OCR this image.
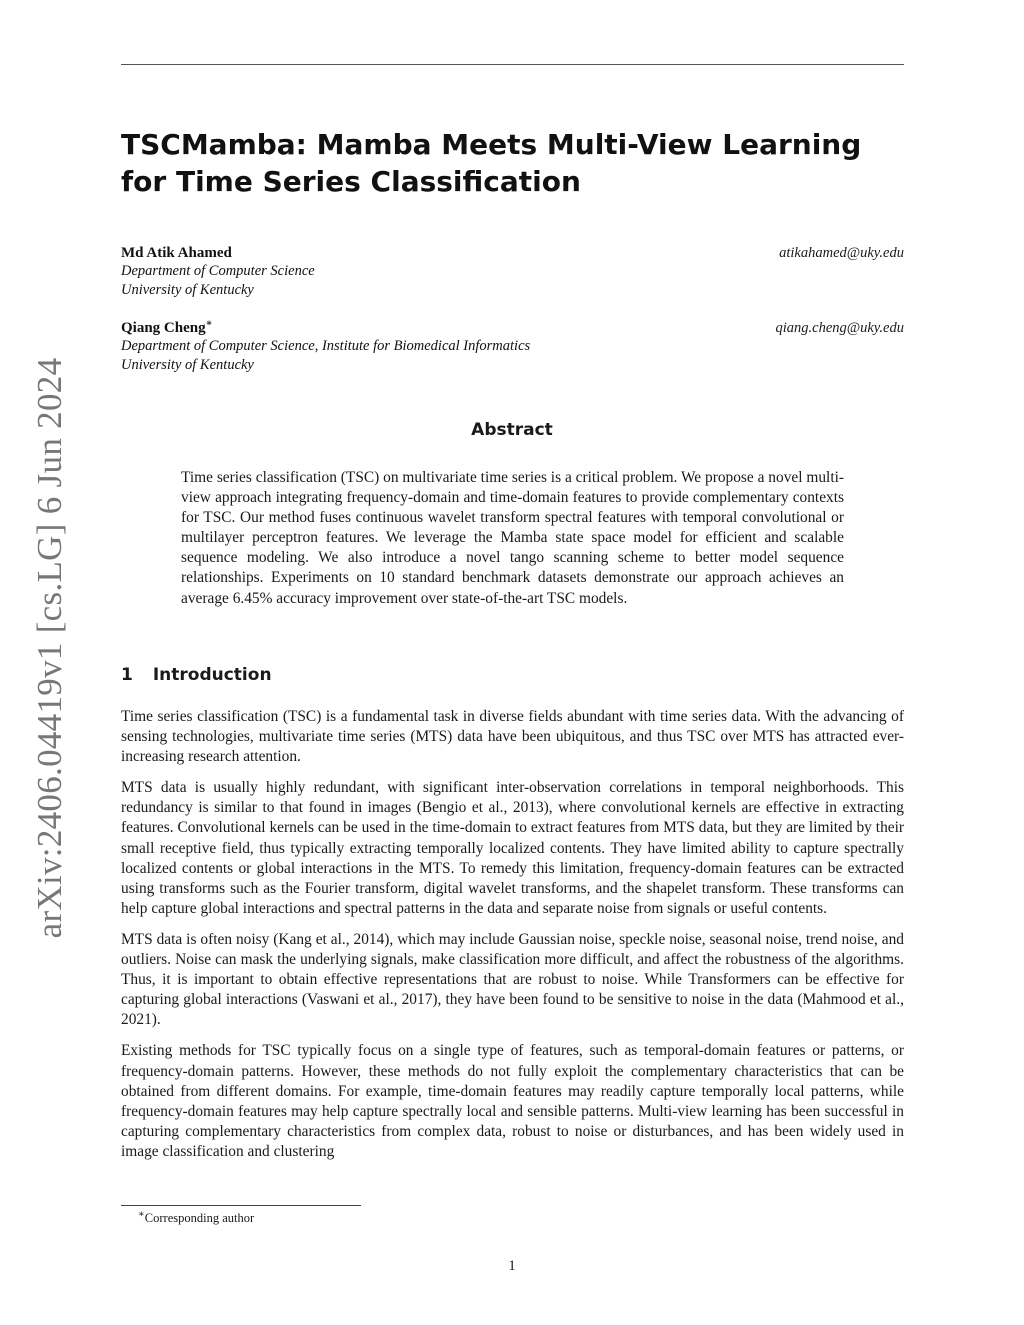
arXiv:2406.04419v1 [cs.LG] 6 Jun 2024
TSCMamba: Mamba Meets Multi-View Learning for Time Series Classification
Md Atik Ahamed
Department of Computer Science
University of Kentucky
atikahamed@uky.edu
Qiang Cheng∗
Department of Computer Science, Institute for Biomedical Informatics
University of Kentucky
qiang.cheng@uky.edu
Abstract

Time series classification (TSC) on multivariate time series is a critical problem. We propose a novel multi-view approach integrating frequency-domain and time-domain features to provide complementary contexts for TSC. Our method fuses continuous wavelet transform spectral features with temporal convolutional or multilayer perceptron features. We leverage the Mamba state space model for efficient and scalable sequence modeling. We also introduce a novel tango scanning scheme to better model sequence relationships. Experiments on 10 standard benchmark datasets demonstrate our approach achieves an average 6.45% accuracy improvement over state-of-the-art TSC models.

1 Introduction

Time series classification (TSC) is a fundamental task in diverse fields abundant with time series data. With the advancing of sensing technologies, multivariate time series (MTS) data have been ubiquitous, and thus TSC over MTS has attracted ever-increasing research attention.

MTS data is usually highly redundant, with significant inter-observation correlations in temporal neighborhoods. This redundancy is similar to that found in images (Bengio et al., 2013), where convolutional kernels are effective in extracting features. Convolutional kernels can be used in the time-domain to extract features from MTS data, but they are limited by their small receptive field, thus typically extracting temporally localized contents. They have limited ability to capture spectrally localized contents or global interactions in the MTS. To remedy this limitation, frequency-domain features can be extracted using transforms such as the Fourier transform, digital wavelet transforms, and the shapelet transform. These transforms can help capture global interactions and spectral patterns in the data and separate noise from signals or useful contents.

MTS data is often noisy (Kang et al., 2014), which may include Gaussian noise, speckle noise, seasonal noise, trend noise, and outliers. Noise can mask the underlying signals, make classification more difficult, and affect the robustness of the algorithms. Thus, it is important to obtain effective representations that are robust to noise. While Transformers can be effective for capturing global interactions (Vaswani et al., 2017), they have been found to be sensitive to noise in the data (Mahmood et al., 2021).

Existing methods for TSC typically focus on a single type of features, such as temporal-domain features or patterns, or frequency-domain patterns. However, these methods do not fully exploit the complementary characteristics that can be obtained from different domains. For example, time-domain features may readily capture temporally local patterns, while frequency-domain features may help capture spectrally local and sensible patterns. Multi-view learning has been successful in capturing complementary characteristics from complex data, robust to noise or disturbances, and has been widely used in image classification and clustering

∗Corresponding author
1
